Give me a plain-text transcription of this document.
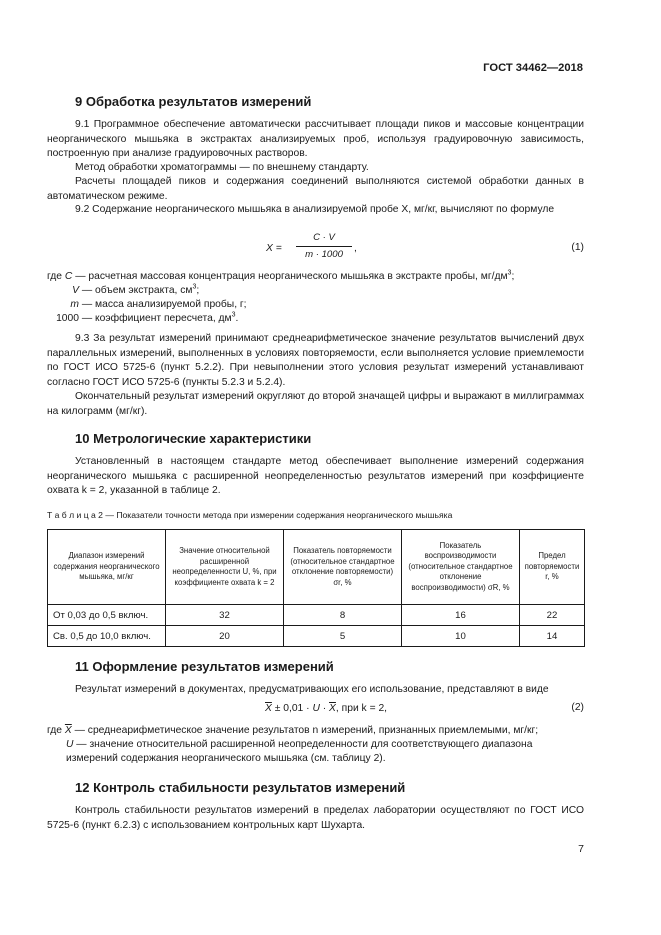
ГОСТ 34462—2018
9 Обработка результатов измерений
9.1 Программное обеспечение автоматически рассчитывает площади пиков и массовые концентрации неорганического мышьяка в экстрактах анализируемых проб, используя градуировочную зависимость, построенную при анализе градуировочных растворов.
Метод обработки хроматограммы — по внешнему стандарту.
Расчеты площадей пиков и содержания соединений выполняются системой обработки данных в автоматическом режиме.
9.2 Содержание неорганического мышьяка в анализируемой пробе X, мг/кг, вычисляют по формуле
X =
C · V
m · 1000
,	(1)
где C — расчетная массовая концентрация неорганического мышьяка в экстракте пробы, $мг/дм^3$;
V — объем экстракта, $см^3$;
m — масса анализируемой пробы, г;
1000 — коэффициент пересчета, $дм^3$.
9.3 За результат измерений принимают среднеарифметическое значение результатов вычислений двух параллельных измерений, выполненных в условиях повторяемости, если выполняется условие приемлемости по ГОСТ ИСО 5725-6 (пункт 5.2.2). При невыполнении этого условия результат измерений устанавливают согласно ГОСТ ИСО 5725-6 (пункты 5.2.3 и 5.2.4).
Окончательный результат измерений округляют до второй значащей цифры и выражают в миллиграммах на килограмм (мг/кг).
10 Метрологические характеристики
Установленный в настоящем стандарте метод обеспечивает выполнение измерений содержания неорганического мышьяка с расширенной неопределенностью результатов измерений при коэффициенте охвата k = 2, указанной в таблице 2.
Т а б л и ц а 2 — Показатели точности метода при измерении содержания неорганического мышьяка
Диапазон измерений содержания неорганического мышьяка, мг/кг	Значение относительной расширенной неопределенности U, %, при коэффициенте охвата k = 2	Показатель повторяемости (относительное стандартное отклонение повторяемости) σr, %	Показатель воспроизводимости (относительное стандартное отклонение воспроизводимости) σR, %	Предел повторяемости r, %
От 0,03 до 0,5 включ.	32	8	16	22
Св. 0,5 до 10,0 включ.	20	5	10	14
11 Оформление результатов измерений
Результат измерений в документах, предусматривающих его использование, представляют в виде
$\overline{X} \pm 0,01 \cdot U \cdot \overline{X}$, при k = 2,	(2)
где $\overline{X}$ — среднеарифметическое значение результатов n измерений, признанных приемлемыми, мг/кг;
U — значение относительной расширенной неопределенности для соответствующего диапазона
измерений содержания неорганического мышьяка (см. таблицу 2).
12 Контроль стабильности результатов измерений
Контроль стабильности результатов измерений в пределах лаборатории осуществляют по ГОСТ ИСО 5725-6 (пункт 6.2.3) с использованием контрольных карт Шухарта.
7
